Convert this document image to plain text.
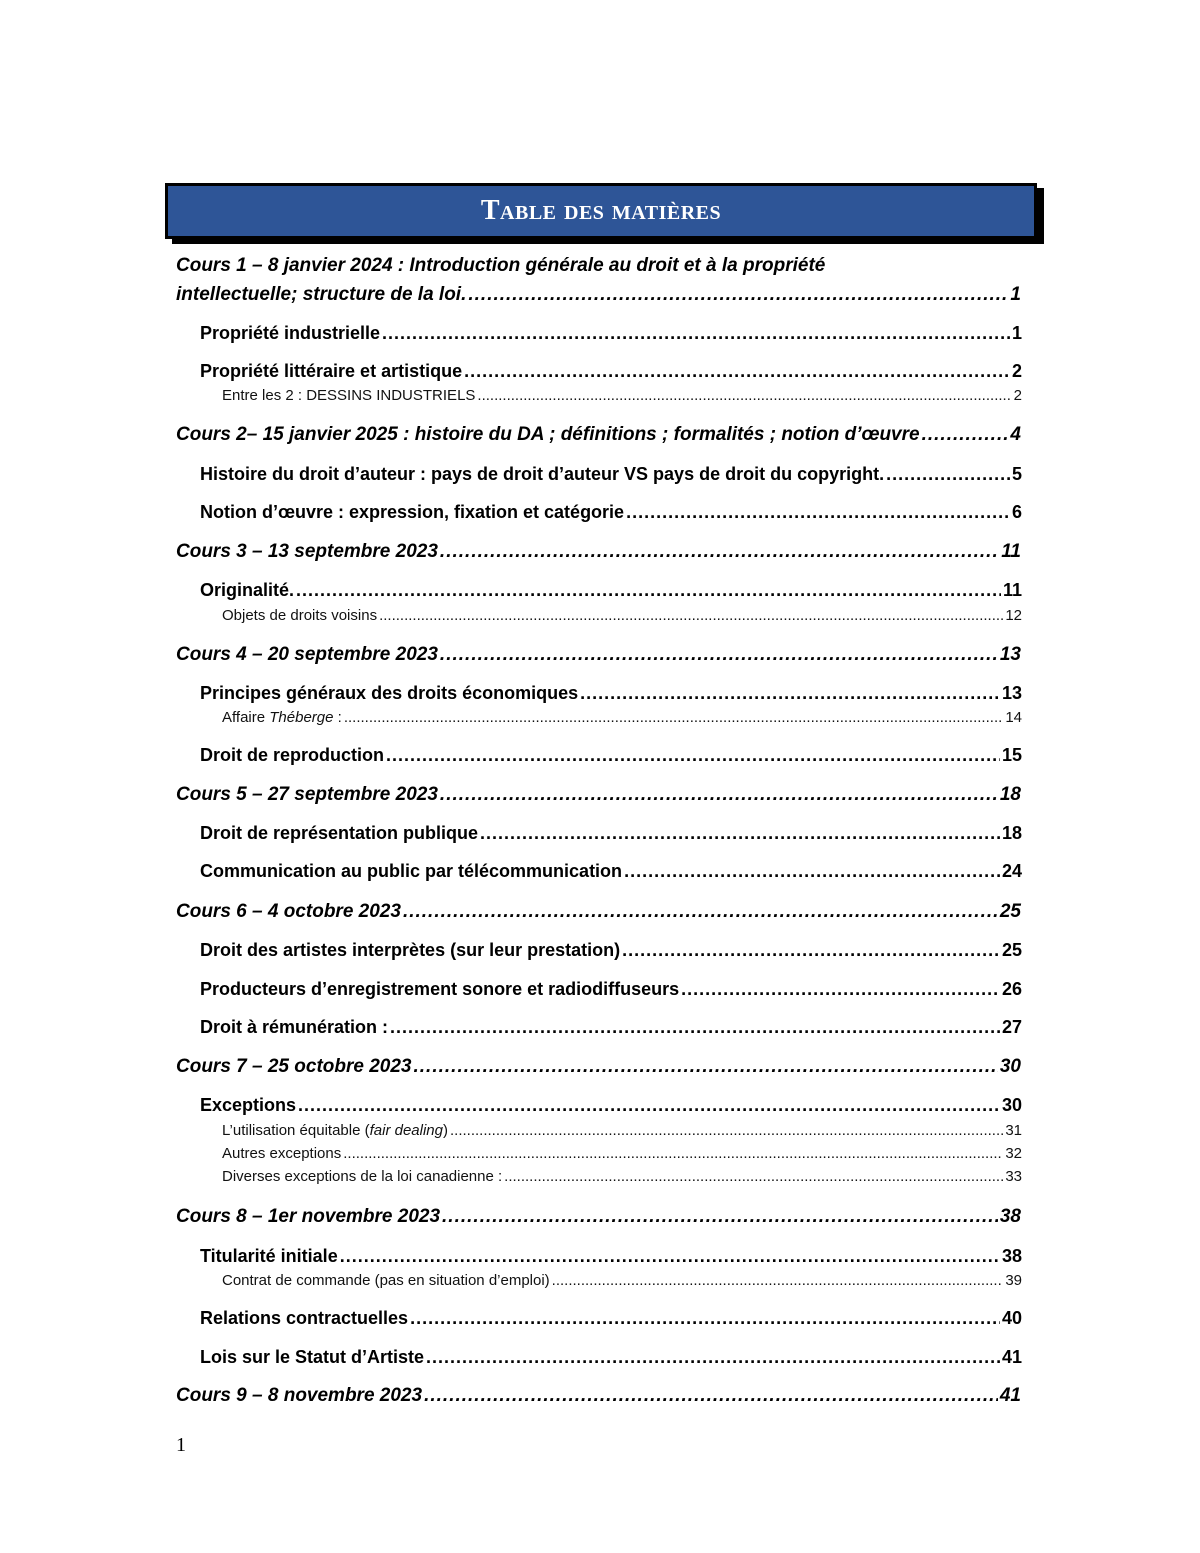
Table des matières
Cours 1 – 8 janvier 2024 : Introduction générale au droit et à la propriété
intellectuelle; structure de la loi. .....	1
Propriété industrielle .....	1
Propriété littéraire et artistique .....	2
Entre les 2 : DESSINS INDUSTRIELS .....	2
Cours 2– 15 janvier 2025 : histoire du DA ; définitions ; formalités ; notion d’œuvre .....	4
Histoire du droit d’auteur : pays de droit d’auteur VS pays de droit du copyright. .....	5
Notion d’œuvre : expression, fixation et catégorie .....	6
Cours 3 – 13 septembre 2023 .....	11
Originalité. .....	11
Objets de droits voisins .....	12
Cours 4 – 20 septembre 2023 .....	13
Principes généraux des droits économiques .....	13
Affaire Théberge : .....	14
Droit de reproduction .....	15
Cours 5 – 27 septembre 2023 .....	18
Droit de représentation publique .....	18
Communication au public par télécommunication .....	24
Cours 6 – 4 octobre 2023 .....	25
Droit des artistes interprètes (sur leur prestation) .....	25
Producteurs d’enregistrement sonore et radiodiffuseurs .....	26
Droit à rémunération : .....	27
Cours 7 – 25 octobre 2023 .....	30
Exceptions .....	30
L’utilisation équitable (fair dealing) .....	31
Autres exceptions .....	32
Diverses exceptions de la loi canadienne : .....	33
Cours 8 – 1er novembre 2023 .....	38
Titularité initiale .....	38
Contrat de commande (pas en situation d’emploi) .....	39
Relations contractuelles .....	40
Lois sur le Statut d’Artiste .....	41
Cours 9 – 8 novembre 2023 .....	41
1
